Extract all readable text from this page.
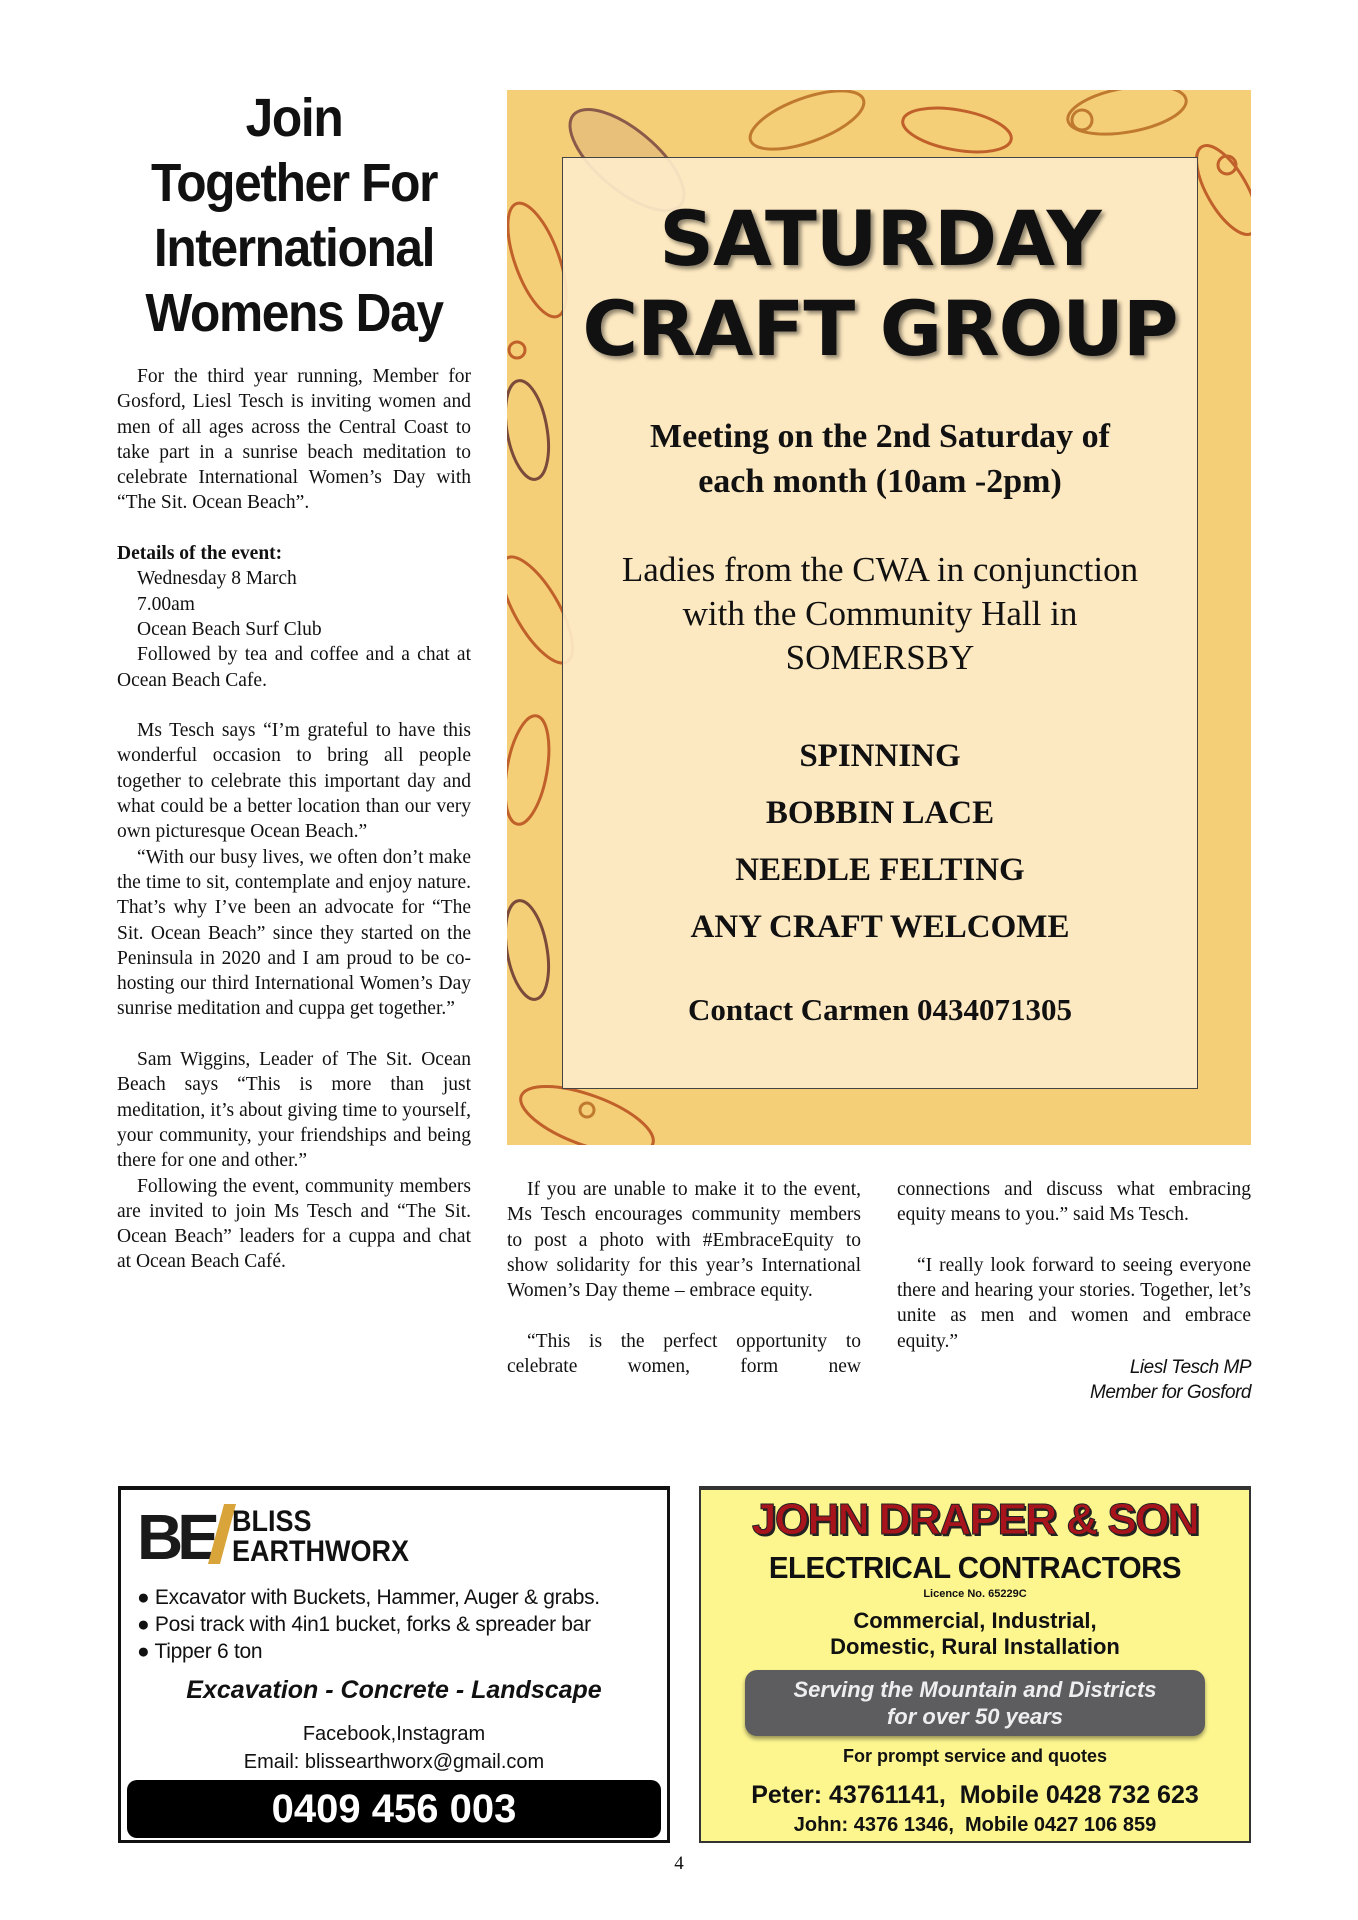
Join
Together For
International
Womens Day

For the third year running, Member for Gosford, Liesl Tesch is inviting women and men of all ages across the Central Coast to take part in a sunrise beach meditation to celebrate International Women’s Day with “The Sit. Ocean Beach”.

Details of the event:

Wednesday 8 March

7.00am

Ocean Beach Surf Club

Followed by tea and coffee and a chat at Ocean Beach Cafe.

Ms Tesch says “I’m grateful to have this wonderful occasion to bring all people together to celebrate this important day and what could be a better location than our very own picturesque Ocean Beach.”

“With our busy lives, we often don’t make the time to sit, contemplate and enjoy nature. That’s why I’ve been an advocate for “The Sit. Ocean Beach” since they started on the Peninsula in 2020 and I am proud to be co-hosting our third International Women’s Day sunrise meditation and cuppa get together.”

Sam Wiggins, Leader of The Sit. Ocean Beach says “This is more than just meditation, it’s about giving time to yourself, your community, your friendships and being there for one and other.”

Following the event, community members are invited to join Ms Tesch and “The Sit. Ocean Beach” leaders for a cuppa and chat at Ocean Beach Café.

If you are unable to make it to the event, Ms Tesch encourages community members to post a photo with #EmbraceEquity to show solidarity for this year’s International Women’s Day theme – embrace equity.

“This is the perfect opportunity to celebrate women, form new

connections and discuss what embracing equity means to you.” said Ms Tesch.

“I really look forward to seeing everyone there and hearing your stories. Together, let’s unite as men and women and embrace equity.”

Liesl Tesch MP
Member for Gosford
SATURDAY
CRAFT GROUP
Meeting on the 2nd Saturday of
each month (10am -2pm)
Ladies from the CWA in conjunction
with the Community Hall in
SOMERSBY
SPINNING
BOBBIN LACE
NEEDLE FELTING
ANY CRAFT WELCOME
Contact Carmen 0434071305
BE BLISS
EARTHWORX
● Excavator with Buckets, Hammer, Auger & grabs.
● Posi track with 4in1 bucket, forks & spreader bar
● Tipper 6 ton
Excavation - Concrete - Landscape
Facebook,Instagram
Email: blissearthworx@gmail.com
0409 456 003
JOHN DRAPER & SON
ELECTRICAL CONTRACTORS
Licence No. 65229C
Commercial, Industrial,
Domestic, Rural Installation
Serving the Mountain and Districts
for over 50 years
For prompt service and quotes
Peter: 43761141,  Mobile 0428 732 623
John: 4376 1346,  Mobile 0427 106 859
4
